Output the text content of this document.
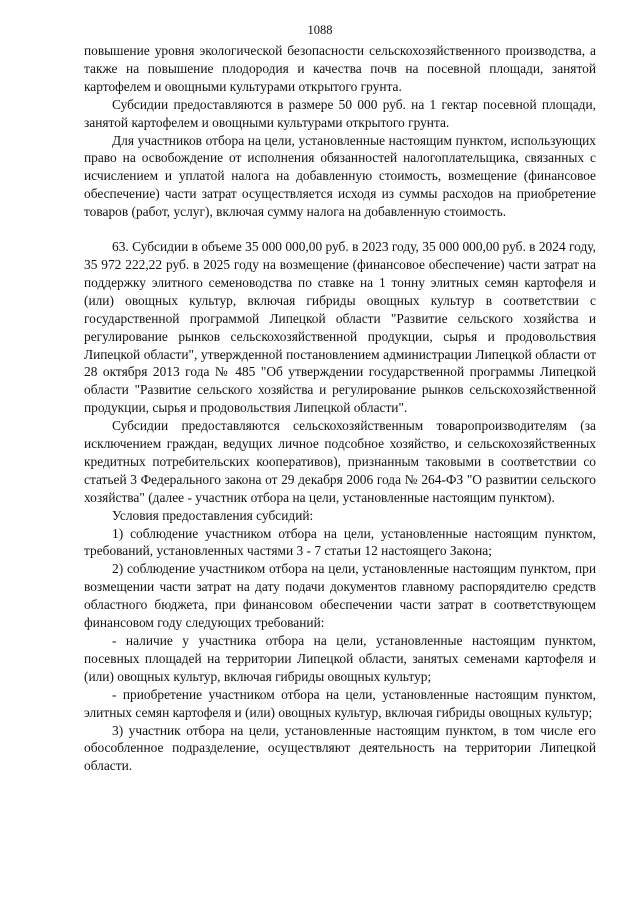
1088

повышение уровня экологической безопасности сельскохозяйственного производства, а также на повышение плодородия и качества почв на посевной площади, занятой картофелем и овощными культурами открытого грунта.

Субсидии предоставляются в размере 50 000 руб. на 1 гектар посевной площади, занятой картофелем и овощными культурами открытого грунта.

Для участников отбора на цели, установленные настоящим пунктом, использующих право на освобождение от исполнения обязанностей налогоплательщика, связанных с исчислением и уплатой налога на добавленную стоимость, возмещение (финансовое обеспечение) части затрат осуществляется исходя из суммы расходов на приобретение товаров (работ, услуг), включая сумму налога на добавленную стоимость.

63. Субсидии в объеме 35 000 000,00 руб. в 2023 году, 35 000 000,00 руб. в 2024 году, 35 972 222,22 руб. в 2025 году на возмещение (финансовое обеспечение) части затрат на поддержку элитного семеноводства по ставке на 1 тонну элитных семян картофеля и (или) овощных культур, включая гибриды овощных культур в соответствии с государственной программой Липецкой области "Развитие сельского хозяйства и регулирование рынков сельскохозяйственной продукции, сырья и продовольствия Липецкой области", утвержденной постановлением администрации Липецкой области от 28 октября 2013 года № 485 "Об утверждении государственной программы Липецкой области "Развитие сельского хозяйства и регулирование рынков сельскохозяйственной продукции, сырья и продовольствия Липецкой области".

Субсидии предоставляются сельскохозяйственным товаропроизводителям (за исключением граждан, ведущих личное подсобное хозяйство, и сельскохозяйственных кредитных потребительских кооперативов), признанным таковыми в соответствии со статьей 3 Федерального закона от 29 декабря 2006 года № 264-ФЗ "О развитии сельского хозяйства" (далее - участник отбора на цели, установленные настоящим пунктом).

Условия предоставления субсидий:

1) соблюдение участником отбора на цели, установленные настоящим пунктом, требований, установленных частями 3 - 7 статьи 12 настоящего Закона;

2) соблюдение участником отбора на цели, установленные настоящим пунктом, при возмещении части затрат на дату подачи документов главному распорядителю средств областного бюджета, при финансовом обеспечении части затрат в соответствующем финансовом году следующих требований:

- наличие у участника отбора на цели, установленные настоящим пунктом, посевных площадей на территории Липецкой области, занятых семенами картофеля и (или) овощных культур, включая гибриды овощных культур;

- приобретение участником отбора на цели, установленные настоящим пунктом, элитных семян картофеля и (или) овощных культур, включая гибриды овощных культур;

3) участник отбора на цели, установленные настоящим пунктом, в том числе его обособленное подразделение, осуществляют деятельность на территории Липецкой области.
